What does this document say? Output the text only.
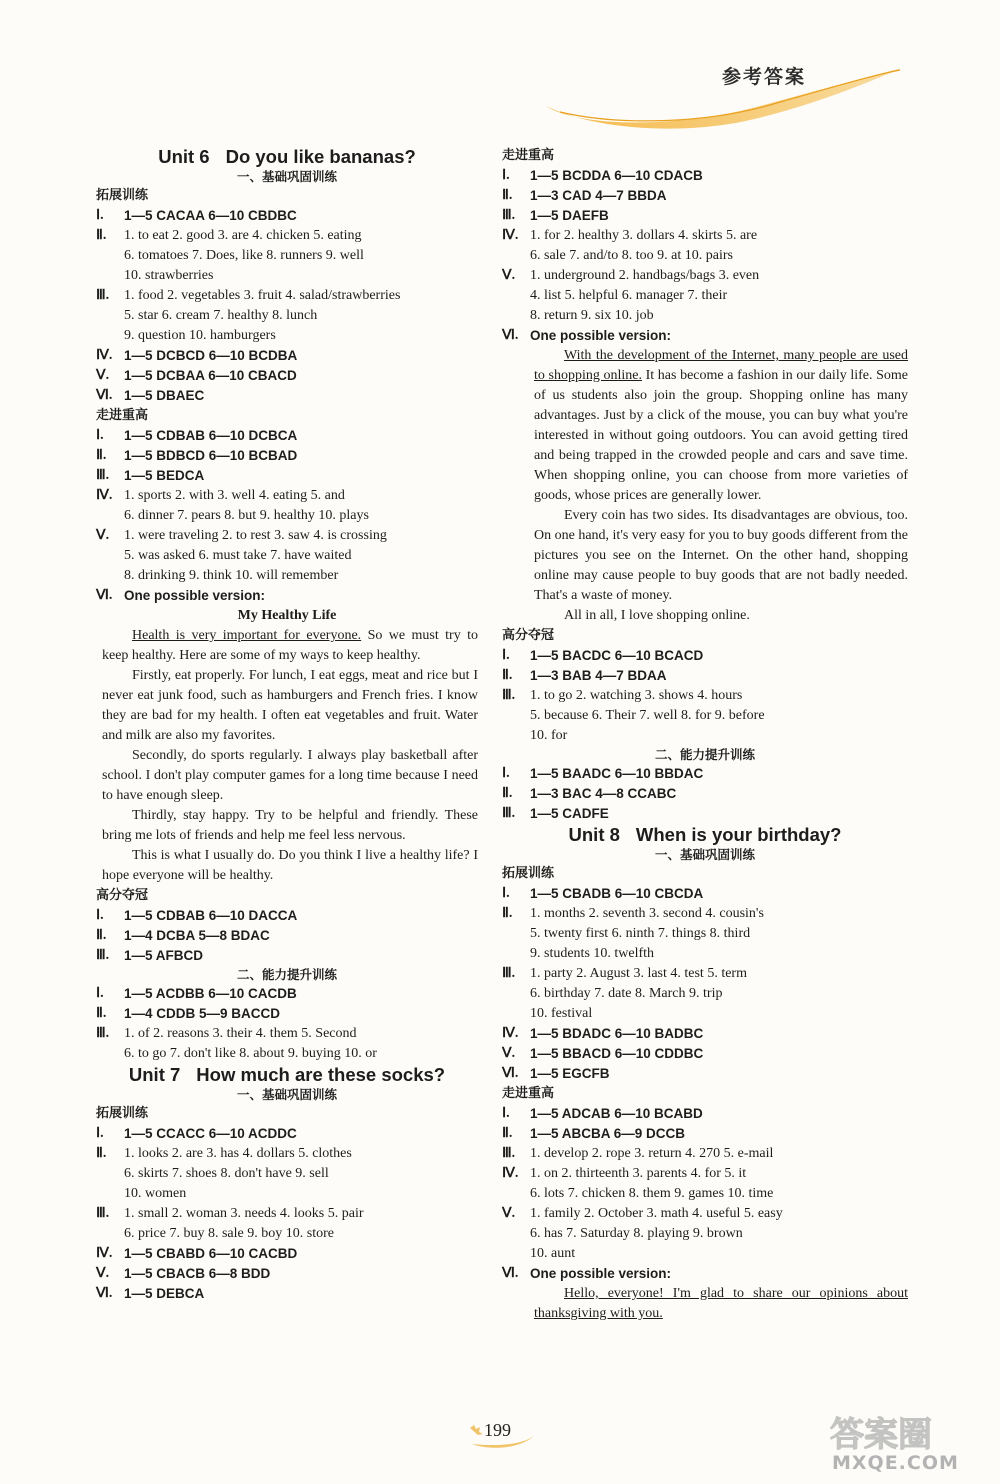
参考答案
Unit 6 Do you like bananas?
一、基础巩固训练
拓展训练
Ⅰ.	1—5 CACAA 6—10 CBDBC
Ⅱ.	1. to eat 2. good 3. are 4. chicken 5. eating
6. tomatoes 7. Does, like 8. runners 9. well
10. strawberries
Ⅲ.	1. food 2. vegetables 3. fruit 4. salad/strawberries
5. star 6. cream 7. healthy 8. lunch
9. question 10. hamburgers
Ⅳ. 1—5 DCBCD 6—10 BCDBA
Ⅴ.	1—5 DCBAA 6—10 CBACD
Ⅵ. 1—5 DBAEC
走进重高
Ⅰ.	1—5 CDBAB 6—10 DCBCA
Ⅱ.	1—5 BDBCD 6—10 BCBAD
Ⅲ.	1—5 BEDCA
Ⅳ. 1. sports 2. with 3. well 4. eating 5. and
6. dinner 7. pears 8. but 9. healthy 10. plays
Ⅴ.	1. were traveling 2. to rest 3. saw 4. is crossing
5. was asked 6. must take 7. have waited
8. drinking 9. think 10. will remember
Ⅵ. One possible version:
My Healthy Life
Health is very important for everyone. So we must try to keep healthy. Here are some of my ways to keep healthy.
Firstly, eat properly. For lunch, I eat eggs, meat and rice but I never eat junk food, such as hamburgers and French fries. I know they are bad for my health. I often eat vegetables and fruit. Water and milk are also my favorites.
Secondly, do sports regularly. I always play basketball after school. I don't play computer games for a long time because I need to have enough sleep.
Thirdly, stay happy. Try to be helpful and friendly. These bring me lots of friends and help me feel less nervous.
This is what I usually do. Do you think I live a healthy life? I hope everyone will be healthy.
高分夺冠
Ⅰ.	1—5 CDBAB 6—10 DACCA
Ⅱ.	1—4 DCBA 5—8 BDAC
Ⅲ.	1—5 AFBCD
二、能力提升训练
Ⅰ.	1—5 ACDBB 6—10 CACDB
Ⅱ.	1—4 CDDB 5—9 BACCD
Ⅲ.	1. of 2. reasons 3. their 4. them 5. Second
6. to go 7. don't like 8. about 9. buying 10. or
Unit 7 How much are these socks?
一、基础巩固训练
拓展训练
Ⅰ.	1—5 CCACC 6—10 ACDDC
Ⅱ.	1. looks 2. are 3. has 4. dollars 5. clothes
6. skirts 7. shoes 8. don't have 9. sell
10. women
Ⅲ.	1. small 2. woman 3. needs 4. looks 5. pair
6. price 7. buy 8. sale 9. boy 10. store
Ⅳ. 1—5 CBABD 6—10 CACBD
Ⅴ.	1—5 CBACB 6—8 BDD
Ⅵ. 1—5 DEBCA
走进重高
Ⅰ.	1—5 BCDDA 6—10 CDACB
Ⅱ.	1—3 CAD 4—7 BBDA
Ⅲ.	1—5 DAEFB
Ⅳ. 1. for 2. healthy 3. dollars 4. skirts 5. are
6. sale 7. and/to 8. too 9. at 10. pairs
Ⅴ.	1. underground 2. handbags/bags 3. even
4. list 5. helpful 6. manager 7. their
8. return 9. six 10. job
Ⅵ. One possible version:
With the development of the Internet, many people are used to shopping online. It has become a fashion in our daily life. Some of us students also join the group. Shopping online has many advantages. Just by a click of the mouse, you can buy what you're interested in without going outdoors. You can avoid getting tired and being trapped in the crowded people and cars and save time. When shopping online, you can choose from more varieties of goods, whose prices are generally lower.
Every coin has two sides. Its disadvantages are obvious, too. On one hand, it's very easy for you to buy goods different from the pictures you see on the Internet. On the other hand, shopping online may cause people to buy goods that are not badly needed. That's a waste of money.
All in all, I love shopping online.
高分夺冠
Ⅰ.	1—5 BACDC 6—10 BCACD
Ⅱ.	1—3 BAB 4—7 BDAA
Ⅲ.	1. to go 2. watching 3. shows 4. hours
5. because 6. Their 7. well 8. for 9. before
10. for
二、能力提升训练
Ⅰ.	1—5 BAADC 6—10 BBDAC
Ⅱ.	1—3 BAC 4—8 CCABC
Ⅲ.	1—5 CADFE
Unit 8 When is your birthday?
一、基础巩固训练
拓展训练
Ⅰ.	1—5 CBADB 6—10 CBCDA
Ⅱ.	1. months 2. seventh 3. second 4. cousin's
5. twenty first 6. ninth 7. things 8. third
9. students 10. twelfth
Ⅲ.	1. party 2. August 3. last 4. test 5. term
6. birthday 7. date 8. March 9. trip
10. festival
Ⅳ. 1—5 BDADC 6—10 BADBC
Ⅴ.	1—5 BBACD 6—10 CDDBC
Ⅵ. 1—5 EGCFB
走进重高
Ⅰ.	1—5 ADCAB 6—10 BCABD
Ⅱ.	1—5 ABCBA 6—9 DCCB
Ⅲ.	1. develop 2. rope 3. return 4. 270 5. e-mail
Ⅳ. 1. on 2. thirteenth 3. parents 4. for 5. it
6. lots 7. chicken 8. them 9. games 10. time
Ⅴ.	1. family 2. October 3. math 4. useful 5. easy
6. has 7. Saturday 8. playing 9. brown
10. aunt
Ⅵ. One possible version:
Hello, everyone! I'm glad to share our opinions about thanksgiving with you.
199	答案圈
MXQE.COM
